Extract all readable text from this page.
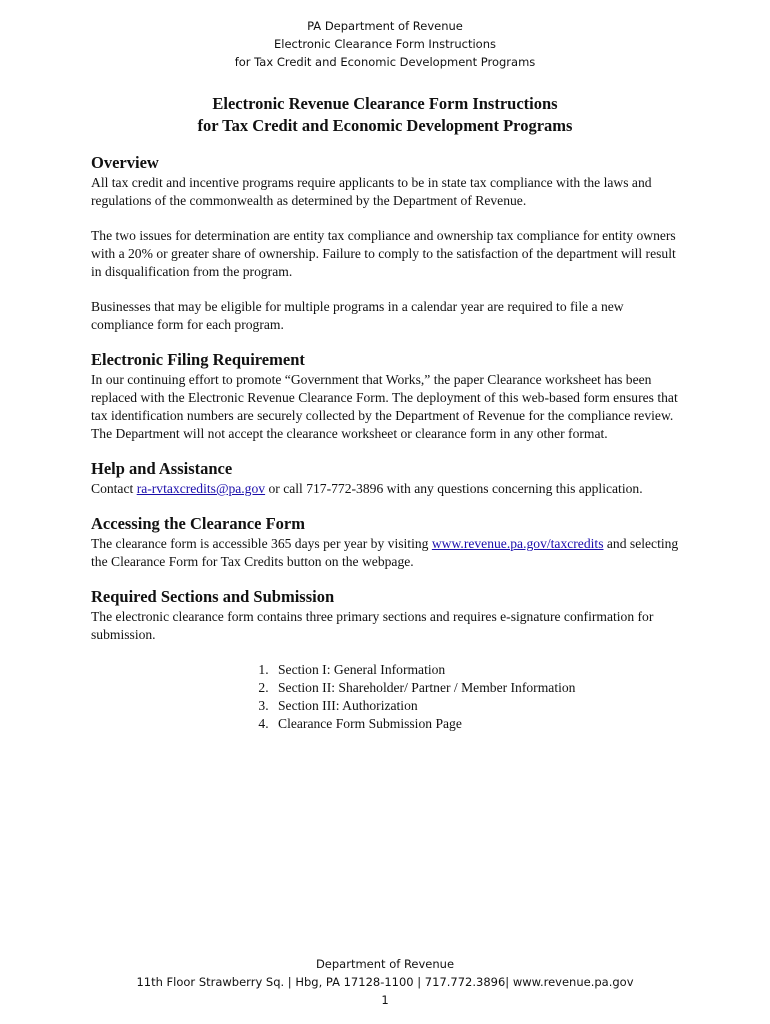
PA Department of Revenue
Electronic Clearance Form Instructions
for Tax Credit and Economic Development Programs
Electronic Revenue Clearance Form Instructions
for Tax Credit and Economic Development Programs
Overview

All tax credit and incentive programs require applicants to be in state tax compliance with the laws and regulations of the commonwealth as determined by the Department of Revenue.

The two issues for determination are entity tax compliance and ownership tax compliance for entity owners with a 20% or greater share of ownership. Failure to comply to the satisfaction of the department will result in disqualification from the program.

Businesses that may be eligible for multiple programs in a calendar year are required to file a new compliance form for each program.

Electronic Filing Requirement

In our continuing effort to promote “Government that Works,” the paper Clearance worksheet has been replaced with the Electronic Revenue Clearance Form. The deployment of this web-based form ensures that tax identification numbers are securely collected by the Department of Revenue for the compliance review. The Department will not accept the clearance worksheet or clearance form in any other format.

Help and Assistance

Contact ra-rvtaxcredits@pa.gov or call 717-772-3896 with any questions concerning this application.

Accessing the Clearance Form

The clearance form is accessible 365 days per year by visiting www.revenue.pa.gov/taxcredits and selecting the Clearance Form for Tax Credits button on the webpage.

Required Sections and Submission

The electronic clearance form contains three primary sections and requires e-signature confirmation for submission.

1. Section I: General Information
2. Section II: Shareholder/ Partner / Member Information
3. Section III: Authorization
4. Clearance Form Submission Page
Department of Revenue
11th Floor Strawberry Sq. | Hbg, PA 17128-1100 | 717.772.3896| www.revenue.pa.gov
1
